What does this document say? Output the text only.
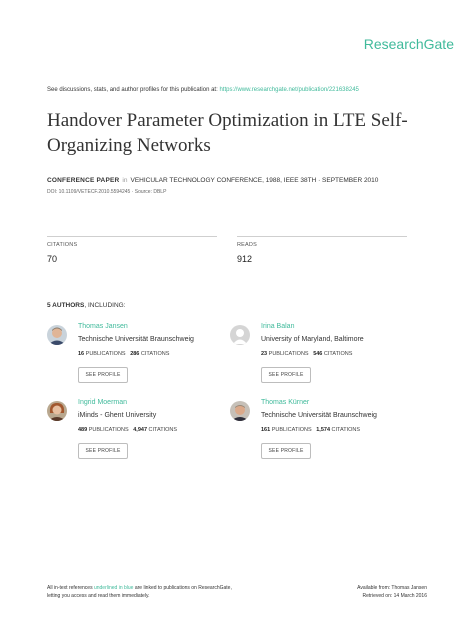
ResearchGate
See discussions, stats, and author profiles for this publication at: https://www.researchgate.net/publication/221638245
Handover Parameter Optimization in LTE Self-Organizing Networks
CONFERENCE PAPER in VEHICULAR TECHNOLOGY CONFERENCE, 1988, IEEE 38TH · SEPTEMBER 2010
DOI: 10.1109/VETECF.2010.5594245 · Source: DBLP
CITATIONS
70
READS
912
5 AUTHORS, INCLUDING:
Thomas Jansen
Technische Universität Braunschweig
16 PUBLICATIONS 286 CITATIONS
SEE PROFILE
Irina Balan
University of Maryland, Baltimore
23 PUBLICATIONS 546 CITATIONS
SEE PROFILE
Ingrid Moerman
iMinds - Ghent University
489 PUBLICATIONS 4,947 CITATIONS
SEE PROFILE
Thomas Kürner
Technische Universität Braunschweig
161 PUBLICATIONS 1,574 CITATIONS
SEE PROFILE
All in-text references underlined in blue are linked to publications on ResearchGate,
letting you access and read them immediately.
Available from: Thomas Jansen
Retrieved on: 14 March 2016
